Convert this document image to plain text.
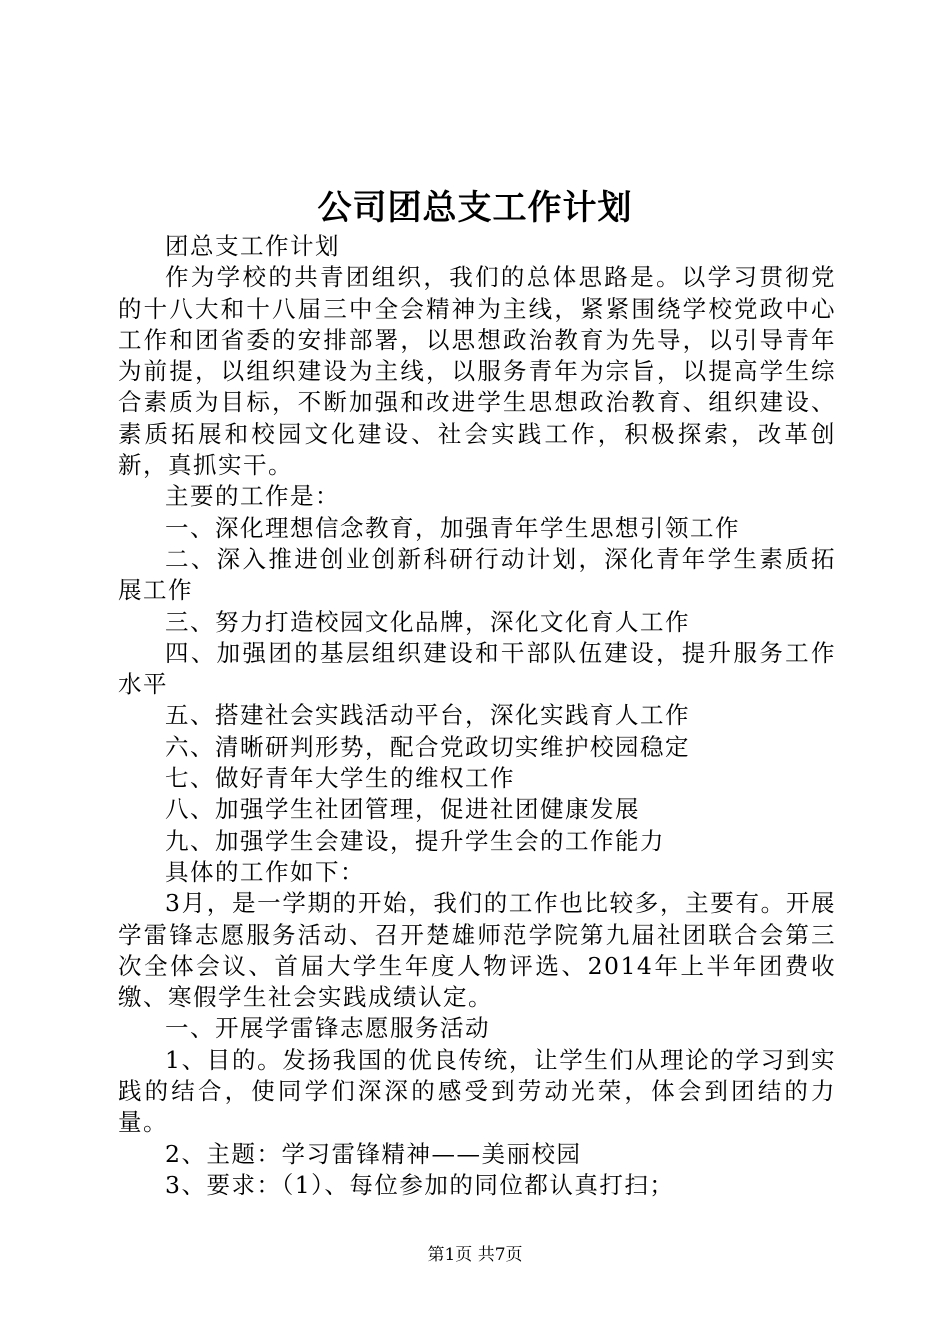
公司团总支工作计划

团总支工作计划

作为学校的共青团组织，我们的总体思路是。以学习贯彻党的十八大和十八届三中全会精神为主线，紧紧围绕学校党政中心工作和团省委的安排部署，以思想政治教育为先导，以引导青年为前提，以组织建设为主线，以服务青年为宗旨，以提高学生综合素质为目标，不断加强和改进学生思想政治教育、组织建设、素质拓展和校园文化建设、社会实践工作，积极探索，改革创新，真抓实干。

主要的工作是：

一、深化理想信念教育，加强青年学生思想引领工作

二、深入推进创业创新科研行动计划，深化青年学生素质拓展工作

三、努力打造校园文化品牌，深化文化育人工作

四、加强团的基层组织建设和干部队伍建设，提升服务工作水平

五、搭建社会实践活动平台，深化实践育人工作

六、清晰研判形势，配合党政切实维护校园稳定

七、做好青年大学生的维权工作

八、加强学生社团管理，促进社团健康发展

九、加强学生会建设，提升学生会的工作能力

具体的工作如下：

3月，是一学期的开始，我们的工作也比较多，主要有。开展学雷锋志愿服务活动、召开楚雄师范学院第九届社团联合会第三次全体会议、首届大学生年度人物评选、2014年上半年团费收缴、寒假学生社会实践成绩认定。

一、开展学雷锋志愿服务活动

1、目的。发扬我国的优良传统，让学生们从理论的学习到实践的结合，使同学们深深的感受到劳动光荣，体会到团结的力量。

2、主题：学习雷锋精神——美丽校园

3、要求：（1）、每位参加的同位都认真打扫；

第1页 共7页
